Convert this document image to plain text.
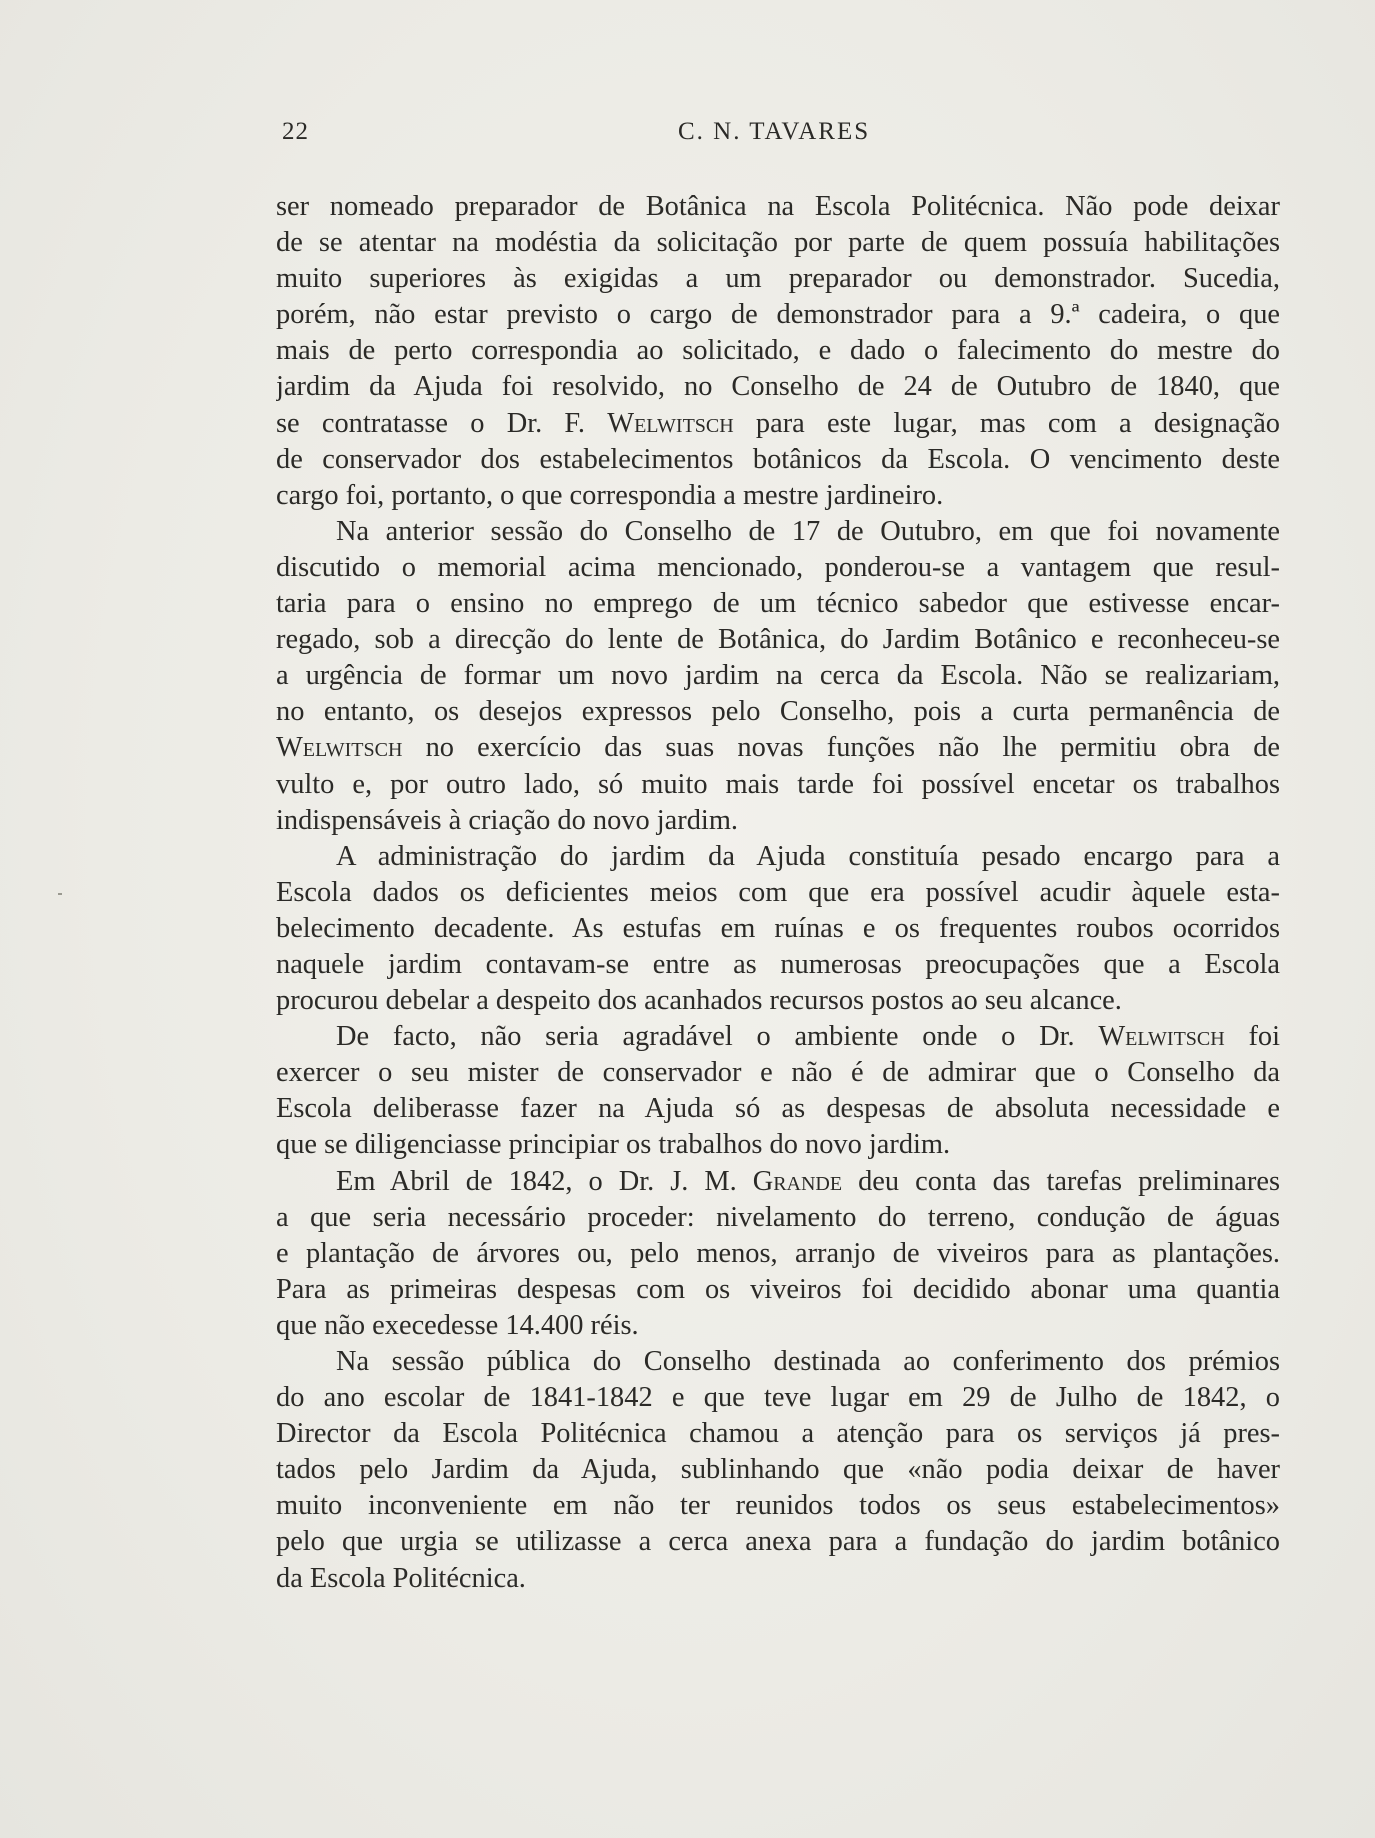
22	C. N. TAVARES
ser nomeado preparador de Botânica na Escola Politécnica. Não pode deixar
de se atentar na modéstia da solicitação por parte de quem possuía habilitações
muito superiores às exigidas a um preparador ou demonstrador. Sucedia,
porém, não estar previsto o cargo de demonstrador para a 9.ª cadeira, o que
mais de perto correspondia ao solicitado, e dado o falecimento do mestre do
jardim da Ajuda foi resolvido, no Conselho de 24 de Outubro de 1840, que
se contratasse o Dr. F. Welwitsch para este lugar, mas com a designação
de conservador dos estabelecimentos botânicos da Escola. O vencimento deste
cargo foi, portanto, o que correspondia a mestre jardineiro.
Na anterior sessão do Conselho de 17 de Outubro, em que foi novamente
discutido o memorial acima mencionado, ponderou-se a vantagem que resul-
taria para o ensino no emprego de um técnico sabedor que estivesse encar-
regado, sob a direcção do lente de Botânica, do Jardim Botânico e reconheceu-se
a urgência de formar um novo jardim na cerca da Escola. Não se realizariam,
no entanto, os desejos expressos pelo Conselho, pois a curta permanência de
Welwitsch no exercício das suas novas funções não lhe permitiu obra de
vulto e, por outro lado, só muito mais tarde foi possível encetar os trabalhos
indispensáveis à criação do novo jardim.
A administração do jardim da Ajuda constituía pesado encargo para a
Escola dados os deficientes meios com que era possível acudir àquele esta-
belecimento decadente. As estufas em ruínas e os frequentes roubos ocorridos
naquele jardim contavam-se entre as numerosas preocupações que a Escola
procurou debelar a despeito dos acanhados recursos postos ao seu alcance.
De facto, não seria agradável o ambiente onde o Dr. Welwitsch foi
exercer o seu mister de conservador e não é de admirar que o Conselho da
Escola deliberasse fazer na Ajuda só as despesas de absoluta necessidade e
que se diligenciasse principiar os trabalhos do novo jardim.
Em Abril de 1842, o Dr. J. M. Grande deu conta das tarefas preliminares
a que seria necessário proceder: nivelamento do terreno, condução de águas
e plantação de árvores ou, pelo menos, arranjo de viveiros para as plantações.
Para as primeiras despesas com os viveiros foi decidido abonar uma quantia
que não execedesse 14.400 réis.
Na sessão pública do Conselho destinada ao conferimento dos prémios
do ano escolar de 1841-1842 e que teve lugar em 29 de Julho de 1842, o
Director da Escola Politécnica chamou a atenção para os serviços já pres-
tados pelo Jardim da Ajuda, sublinhando que «não podia deixar de haver
muito inconveniente em não ter reunidos todos os seus estabelecimentos»
pelo que urgia se utilizasse a cerca anexa para a fundação do jardim botânico
da Escola Politécnica.
